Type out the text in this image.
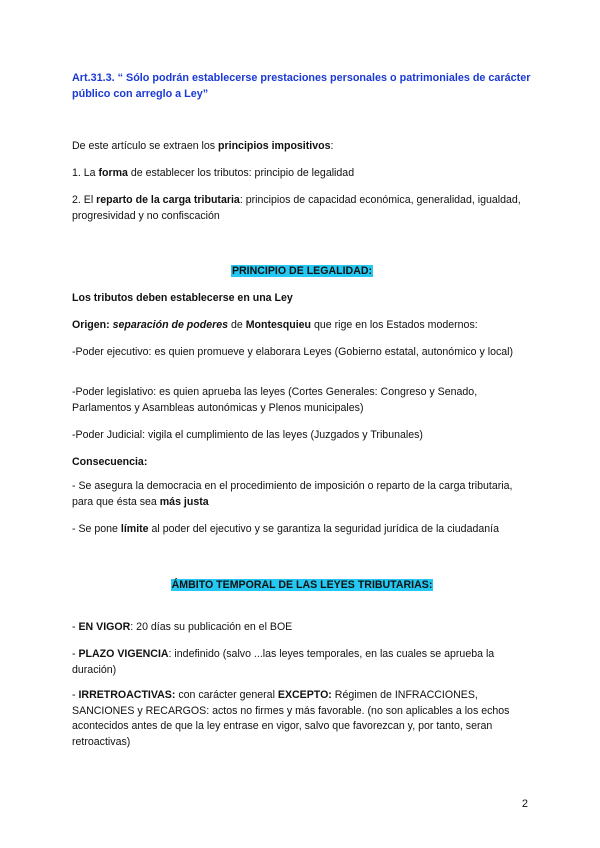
Art.31.3. “ Sólo podrán establecerse prestaciones personales o patrimoniales de carácter público con arreglo a Ley”
De este artículo se extraen los principios impositivos:
1. La forma de establecer los tributos: principio de legalidad
2. El reparto de la carga tributaria: principios de capacidad económica, generalidad, igualdad, progresividad y no confiscación
PRINCIPIO DE LEGALIDAD:
Los tributos deben establecerse en una Ley
Origen: separación de poderes de Montesquieu que rige en los Estados modernos:
-Poder ejecutivo: es quien promueve y elaborara Leyes (Gobierno estatal, autonómico y local)
-Poder legislativo: es quien aprueba las leyes (Cortes Generales: Congreso y Senado, Parlamentos y Asambleas autonómicas y Plenos municipales)
-Poder Judicial: vigila el cumplimiento de las leyes (Juzgados y Tribunales)
Consecuencia:
- Se asegura la democracia en el procedimiento de imposición o reparto de la carga tributaria, para que ésta sea más justa
- Se pone límite al poder del ejecutivo y se garantiza la seguridad jurídica de la ciudadanía
ÁMBITO TEMPORAL DE LAS LEYES TRIBUTARIAS:
- EN VIGOR: 20 días su publicación en el BOE
- PLAZO VIGENCIA: indefinido (salvo ...las leyes temporales, en las cuales se aprueba la duración)
- IRRETROACTIVAS: con carácter general EXCEPTO: Régimen de INFRACCIONES, SANCIONES y RECARGOS: actos no firmes y más favorable. (no son aplicables a los echos acontecidos antes de que la ley entrase en vigor, salvo que favorezcan y, por tanto, seran retroactivas)
2
